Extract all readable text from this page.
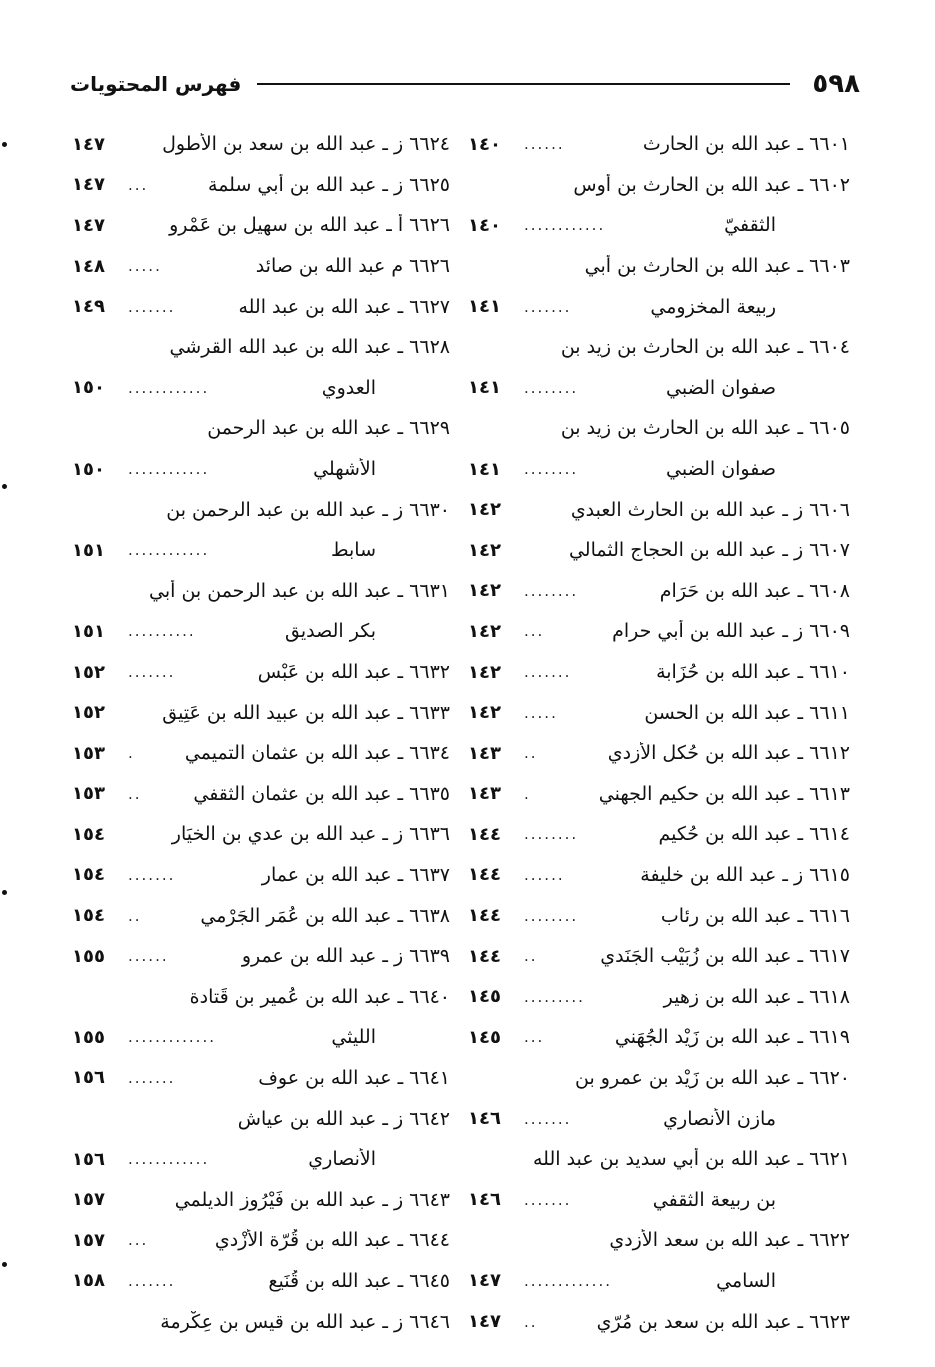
٥٩٨
فهرس المحتويات
٦٦٠١ ـ عبد الله بن الحارث
......
١٤٠
٦٦٠٢ ـ عبد الله بن الحارث بن أوس
الثقفيّ
............
١٤٠
٦٦٠٣ ـ عبد الله بن الحارث بن أبي
ربيعة المخزومي
.......
١٤١
٦٦٠٤ ـ عبد الله بن الحارث بن زيد بن
صفوان الضبي
........
١٤١
٦٦٠٥ ـ عبد الله بن الحارث بن زيد بن
صفوان الضبي
........
١٤١
٦٦٠٦ ز ـ عبد الله بن الحارث العبدي
١٤٢
٦٦٠٧ ز ـ عبد الله بن الحجاج الثمالي
١٤٢
٦٦٠٨ ـ عبد الله بن حَرَام
........
١٤٢
٦٦٠٩ ز ـ عبد الله بن أبي حرام
...
١٤٢
٦٦١٠ ـ عبد الله بن حُزَابة
.......
١٤٢
٦٦١١ ـ عبد الله بن الحسن
.....
١٤٢
٦٦١٢ ـ عبد الله بن حُكل الأزدي
..
١٤٣
٦٦١٣ ـ عبد الله بن حكيم الجهني
.
١٤٣
٦٦١٤ ـ عبد الله بن حُكيم
........
١٤٤
٦٦١٥ ز ـ عبد الله بن خليفة
......
١٤٤
٦٦١٦ ـ عبد الله بن رئاب
........
١٤٤
٦٦١٧ ـ عبد الله بن زُبَيْب الجَنَدي
..
١٤٤
٦٦١٨ ـ عبد الله بن زهير
.........
١٤٥
٦٦١٩ ـ عبد الله بن زَيْد الجُهَني
...
١٤٥
٦٦٢٠ ـ عبد الله بن زَيْد بن عمرو بن
مازِن الأنصاري
.......
١٤٦
٦٦٢١ ـ عبد الله بن أبي سديد بن عبد الله
بن ربيعة الثقفي
.......
١٤٦
٦٦٢٢ ـ عبد الله بن سعد الأزدي
السامي
.............
١٤٧
٦٦٢٣ ـ عبد الله بن سعد بن مُرّي
..
١٤٧
٦٦٢٤ ز ـ عبد الله بن سعد بن الأطول
١٤٧
٦٦٢٥ ز ـ عبد الله بن أبي سلمة
...
١٤٧
٦٦٢٦ أ ـ عبد الله بن سهيل بن عَمْرو
١٤٧
٦٦٢٦ م عبد الله بن صائد
.....
١٤٨
٦٦٢٧ ـ عبد الله بن عبد الله
.......
١٤٩
٦٦٢٨ ـ عبد الله بن عبد الله القرشي
العدوي
............
١٥٠
٦٦٢٩ ـ عبد الله بن عبد الرحمن
الأشهلي
............
١٥٠
٦٦٣٠ ز ـ عبد الله بن عبد الرحمن بن
سابط
............
١٥١
٦٦٣١ ـ عبد الله بن عبد الرحمن بن أبي
بكر الصديق
..........
١٥١
٦٦٣٢ ـ عبد الله بن عَبْس
.......
١٥٢
٦٦٣٣ ـ عبد الله بن عبيد الله بن عَتِيق
١٥٢
٦٦٣٤ ـ عبد الله بن عثمان التميمي
.
١٥٣
٦٦٣٥ ـ عبد الله بن عثمان الثقفي
..
١٥٣
٦٦٣٦ ز ـ عبد الله بن عدي بن الخيَار
١٥٤
٦٦٣٧ ـ عبد الله بن عمار
.......
١٥٤
٦٦٣٨ ـ عبد الله بن عُمَر الجَرْمي
..
١٥٤
٦٦٣٩ ز ـ عبد الله بن عمرو
......
١٥٥
٦٦٤٠ ـ عبد الله بن عُمير بن قَتادة
الليثي
.............
١٥٥
٦٦٤١ ـ عبد الله بن عوف
.......
١٥٦
٦٦٤٢ ز ـ عبد الله بن عياش
الأنصاري
............
١٥٦
٦٦٤٣ ز ـ عبد الله بن فَيْرُوز الديلمي
١٥٧
٦٦٤٤ ـ عبد الله بن قُرّة الأَزْدي
...
١٥٧
٦٦٤٥ ـ عبد الله بن قُنَيع
.......
١٥٨
٦٦٤٦ ز ـ عبد الله بن قيس بن عِكْرمة
